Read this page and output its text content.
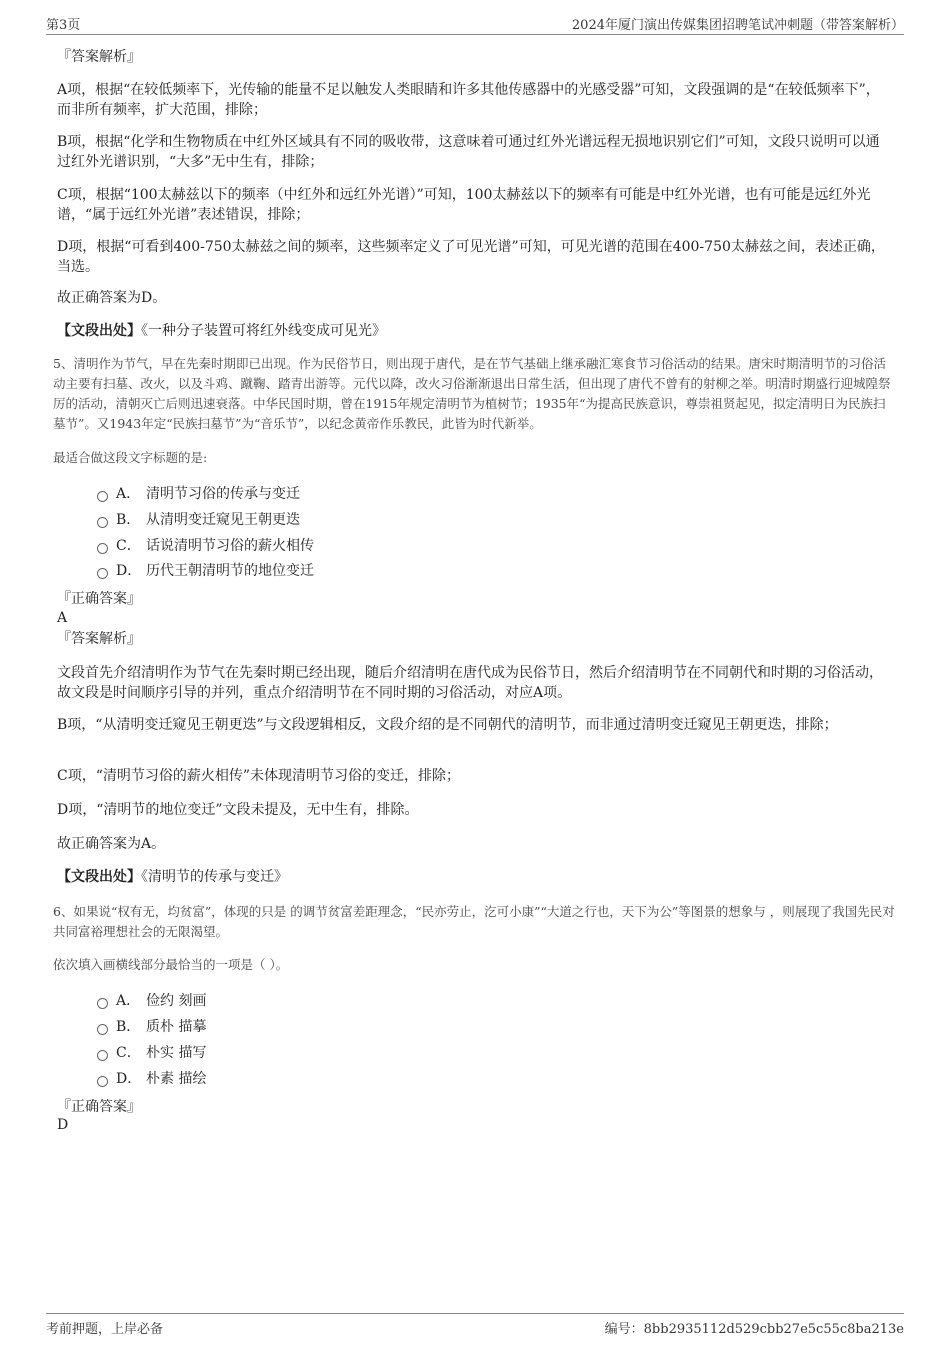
第3页	2024年厦门演出传媒集团招聘笔试冲刺题（带答案解析）
『答案解析』
A项，根据“在较低频率下，光传输的能量不足以触发人类眼睛和许多其他传感器中的光感受器”可知，文段强调的是“在较低频率下”，而非所有频率，扩大范围，排除；
B项，根据“化学和生物物质在中红外区域具有不同的吸收带，这意味着可通过红外光谱远程无损地识别它们”可知，文段只说明可以通过红外光谱识别，“大多”无中生有，排除；
C项，根据“100太赫兹以下的频率（中红外和远红外光谱）”可知，100太赫兹以下的频率有可能是中红外光谱，也有可能是远红外光谱，“属于远红外光谱”表述错误，排除；
D项，根据“可看到400-750太赫兹之间的频率，这些频率定义了可见光谱”可知，可见光谱的范围在400-750太赫兹之间，表述正确，当选。
故正确答案为D。
【文段出处】《一种分子装置可将红外线变成可见光》
5、清明作为节气，早在先秦时期即已出现。作为民俗节日，则出现于唐代，是在节气基础上继承融汇寒食节习俗活动的结果。唐宋时期清明节的习俗活动主要有扫墓、改火，以及斗鸡、蹴鞠、踏青出游等。元代以降，改火习俗渐渐退出日常生活，但出现了唐代不曾有的射柳之举。明清时期盛行迎城隍祭厉的活动，清朝灭亡后则迅速衰落。中华民国时期，曾在1915年规定清明节为植树节；1935年“为提高民族意识，尊崇祖贤起见，拟定清明日为民族扫墓节”。又1943年定“民族扫墓节”为“音乐节”，以纪念黄帝作乐教民，此皆为时代新举。
最适合做这段文字标题的是:
A． 清明节习俗的传承与变迁
B． 从清明变迁窥见王朝更迭
C． 话说清明节习俗的薪火相传
D． 历代王朝清明节的地位变迁
『正确答案』
A
『答案解析』
文段首先介绍清明作为节气在先秦时期已经出现，随后介绍清明在唐代成为民俗节日，然后介绍清明节在不同朝代和时期的习俗活动，故文段是时间顺序引导的并列，重点介绍清明节在不同时期的习俗活动，对应A项。
B项，“从清明变迁窥见王朝更迭”与文段逻辑相反，文段介绍的是不同朝代的清明节，而非通过清明变迁窥见王朝更迭，排除；
C项，“清明节习俗的薪火相传”未体现清明节习俗的变迁，排除；
D项，“清明节的地位变迁”文段未提及，无中生有，排除。
故正确答案为A。
【文段出处】《清明节的传承与变迁》
6、如果说“权有无，均贫富”，体现的只是 的调节贫富差距理念，“民亦劳止，汔可小康”“大道之行也，天下为公”等图景的想象与 ，则展现了我国先民对共同富裕理想社会的无限渴望。
依次填入画横线部分最恰当的一项是（ ）。
A． 俭约 刻画
B． 质朴 描摹
C． 朴实 描写
D． 朴素 描绘
『正确答案』
D
考前押题，上岸必备	编号：8bb2935112d529cbb27e5c55c8ba213e
